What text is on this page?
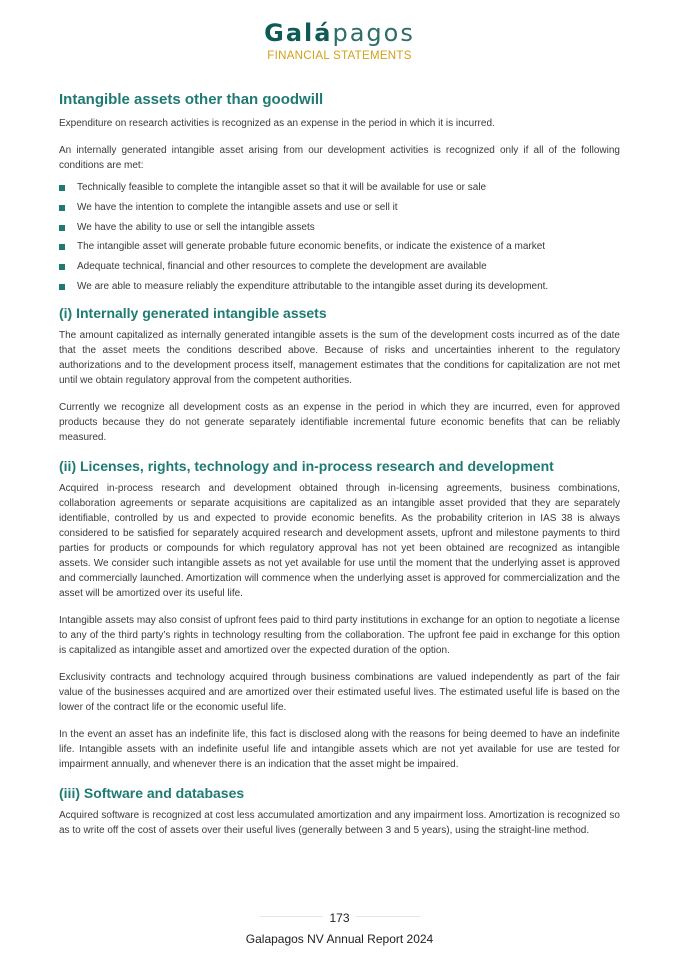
Galápagos
FINANCIAL STATEMENTS
Intangible assets other than goodwill

Expenditure on research activities is recognized as an expense in the period in which it is incurred.

An internally generated intangible asset arising from our development activities is recognized only if all of the following conditions are met:

Technically feasible to complete the intangible asset so that it will be available for use or sale
We have the intention to complete the intangible assets and use or sell it
We have the ability to use or sell the intangible assets
The intangible asset will generate probable future economic benefits, or indicate the existence of a market
Adequate technical, financial and other resources to complete the development are available
We are able to measure reliably the expenditure attributable to the intangible asset during its development.
(i) Internally generated intangible assets

The amount capitalized as internally generated intangible assets is the sum of the development costs incurred as of the date that the asset meets the conditions described above. Because of risks and uncertainties inherent to the regulatory authorizations and to the development process itself, management estimates that the conditions for capitalization are not met until we obtain regulatory approval from the competent authorities.

Currently we recognize all development costs as an expense in the period in which they are incurred, even for approved products because they do not generate separately identifiable incremental future economic benefits that can be reliably measured.

(ii) Licenses, rights, technology and in-process research and development

Acquired in-process research and development obtained through in-licensing agreements, business combinations, collaboration agreements or separate acquisitions are capitalized as an intangible asset provided that they are separately identifiable, controlled by us and expected to provide economic benefits. As the probability criterion in IAS 38 is always considered to be satisfied for separately acquired research and development assets, upfront and milestone payments to third parties for products or compounds for which regulatory approval has not yet been obtained are recognized as intangible assets. We consider such intangible assets as not yet available for use until the moment that the underlying asset is approved and commercially launched. Amortization will commence when the underlying asset is approved for commercialization and the asset will be amortized over its useful life.

Intangible assets may also consist of upfront fees paid to third party institutions in exchange for an option to negotiate a license to any of the third party’s rights in technology resulting from the collaboration. The upfront fee paid in exchange for this option is capitalized as intangible asset and amortized over the expected duration of the option.

Exclusivity contracts and technology acquired through business combinations are valued independently as part of the fair value of the businesses acquired and are amortized over their estimated useful lives. The estimated useful life is based on the lower of the contract life or the economic useful life.

In the event an asset has an indefinite life, this fact is disclosed along with the reasons for being deemed to have an indefinite life. Intangible assets with an indefinite useful life and intangible assets which are not yet available for use are tested for impairment annually, and whenever there is an indication that the asset might be impaired.

(iii) Software and databases

Acquired software is recognized at cost less accumulated amortization and any impairment loss. Amortization is recognized so as to write off the cost of assets over their useful lives (generally between 3 and 5 years), using the straight-line method.

173
Galapagos NV Annual Report 2024
